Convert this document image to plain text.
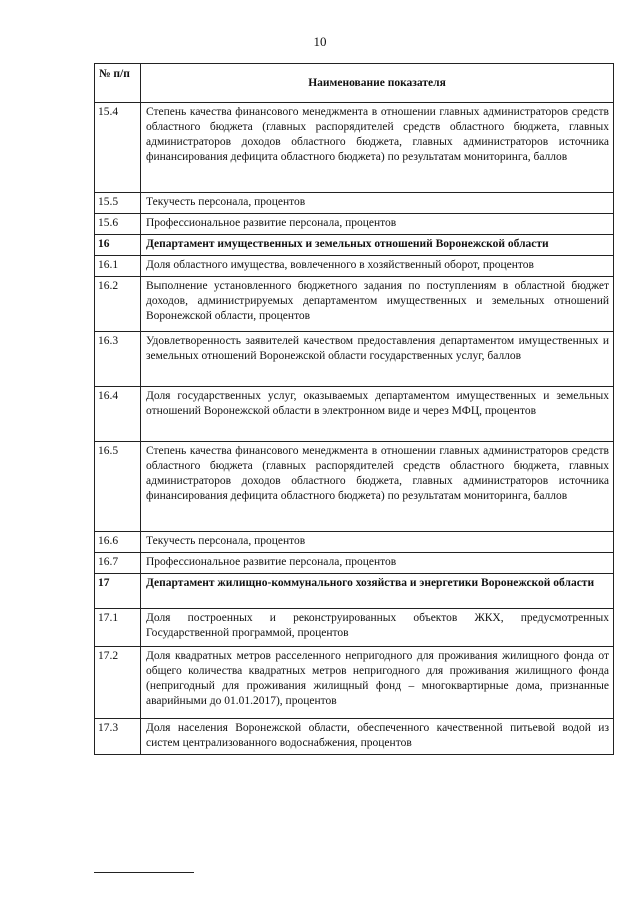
10
№ п/п	Наименование показателя
15.4	Степень качества финансового менеджмента в отношении главных администраторов средств областного бюджета (главных распорядителей средств областного бюджета, главных администраторов доходов областного бюджета, главных администраторов источника финансирования дефицита областного бюджета) по результатам мониторинга, баллов
15.5	Текучесть персонала, процентов
15.6	Профессиональное развитие персонала, процентов
16	Департамент имущественных и земельных отношений Воронежской области
16.1	Доля областного имущества, вовлеченного в хозяйственный оборот, процентов
16.2	Выполнение установленного бюджетного задания по поступлениям в областной бюджет доходов, администрируемых департаментом имущественных и земельных отношений Воронежской области, процентов
16.3	Удовлетворенность заявителей качеством предоставления департаментом имущественных и земельных отношений Воронежской области государственных услуг, баллов
16.4	Доля государственных услуг, оказываемых департаментом имущественных и земельных отношений Воронежской области в электронном виде и через МФЦ, процентов
16.5	Степень качества финансового менеджмента в отношении главных администраторов средств областного бюджета (главных распорядителей средств областного бюджета, главных администраторов доходов областного бюджета, главных администраторов источника финансирования дефицита областного бюджета) по результатам мониторинга, баллов
16.6	Текучесть персонала, процентов
16.7	Профессиональное развитие персонала, процентов
17	Департамент жилищно-коммунального хозяйства и энергетики Воронежской области
17.1	Доля построенных и реконструированных объектов ЖКХ, предусмотренных Государственной программой, процентов
17.2	Доля квадратных метров расселенного непригодного для проживания жилищного фонда от общего количества квадратных метров непригодного для проживания жилищного фонда (непригодный для проживания жилищный фонд – многоквартирные дома, признанные аварийными до 01.01.2017), процентов
17.3	Доля населения Воронежской области, обеспеченного качественной питьевой водой из систем централизованного водоснабжения, процентов
